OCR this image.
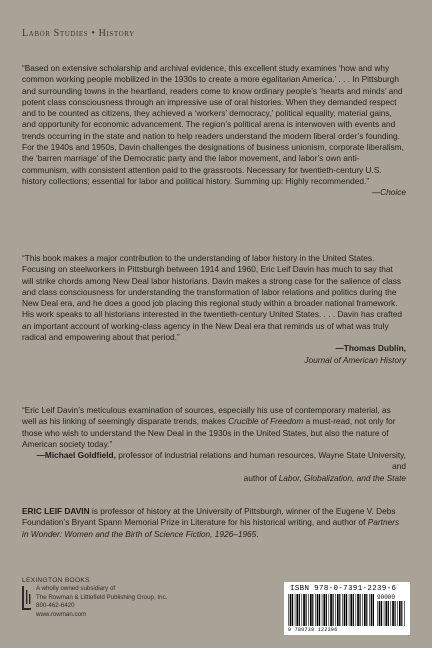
Labor Studies • History

“Based on extensive scholarship and archival evidence, this excellent study examines ‘how and why common working people mobilized in the 1930s to create a more egalitarian America.’ . . . In Pittsburgh and surrounding towns in the heartland, readers come to know ordinary people’s ‘hearts and minds’ and potent class consciousness through an impressive use of oral histories. When they demanded respect and to be counted as citizens, they achieved a ‘workers’ democracy,’ political equality, material gains, and opportunity for economic advancement. The region’s political arena is interwoven with events and trends occurring in the state and nation to help readers understand the modern liberal order’s founding. For the 1940s and 1950s, Davin challenges the designations of business unionism, corporate liberalism, the ‘barren marriage’ of the Democratic party and the labor movement, and labor’s own anti-communism, with consistent attention paid to the grassroots. Necessary for twentieth-century U.S. history collections; essential for labor and political history. Summing up: Highly recommended.”

—Choice

“This book makes a major contribution to the understanding of labor history in the United States. Focusing on steelworkers in Pittsburgh between 1914 and 1960, Eric Leif Davin has much to say that will strike chords among New Deal labor historians. Davin makes a strong case for the salience of class and class consciousness for understanding the transformation of labor relations and politics during the New Deal era, and he does a good job placing this regional study within a broader national framework. His work speaks to all historians interested in the twentieth-century United States. . . . Davin has crafted an important account of working-class agency in the New Deal era that reminds us of what was truly radical and empowering about that period.”

—Thomas Dublin,
Journal of American History

“Eric Leif Davin’s meticulous examination of sources, especially his use of contemporary material, as well as his linking of seemingly disparate trends, makes Crucible of Freedom a must-read, not only for those who wish to understand the New Deal in the 1930s in the United States, but also the nature of American society today.”

—Michael Goldfield, professor of industrial relations and human resources, Wayne State University, and
author of Labor, Globalization, and the State

ERIC LEIF DAVIN is professor of history at the University of Pittsburgh, winner of the Eugene V. Debs Foundation’s Bryant Spann Memorial Prize in Literature for his historical writing, and author of Partners in Wonder: Women and the Birth of Science Fiction, 1926–1965.

LEXINGTON BOOKS
A wholly owned subsidiary of
The Rowman & Littlefield Publishing Group, Inc.
800-462-6420
www.rowman.com
ISBN 978-0-7391-2239-6
90000
9 780739 122396
